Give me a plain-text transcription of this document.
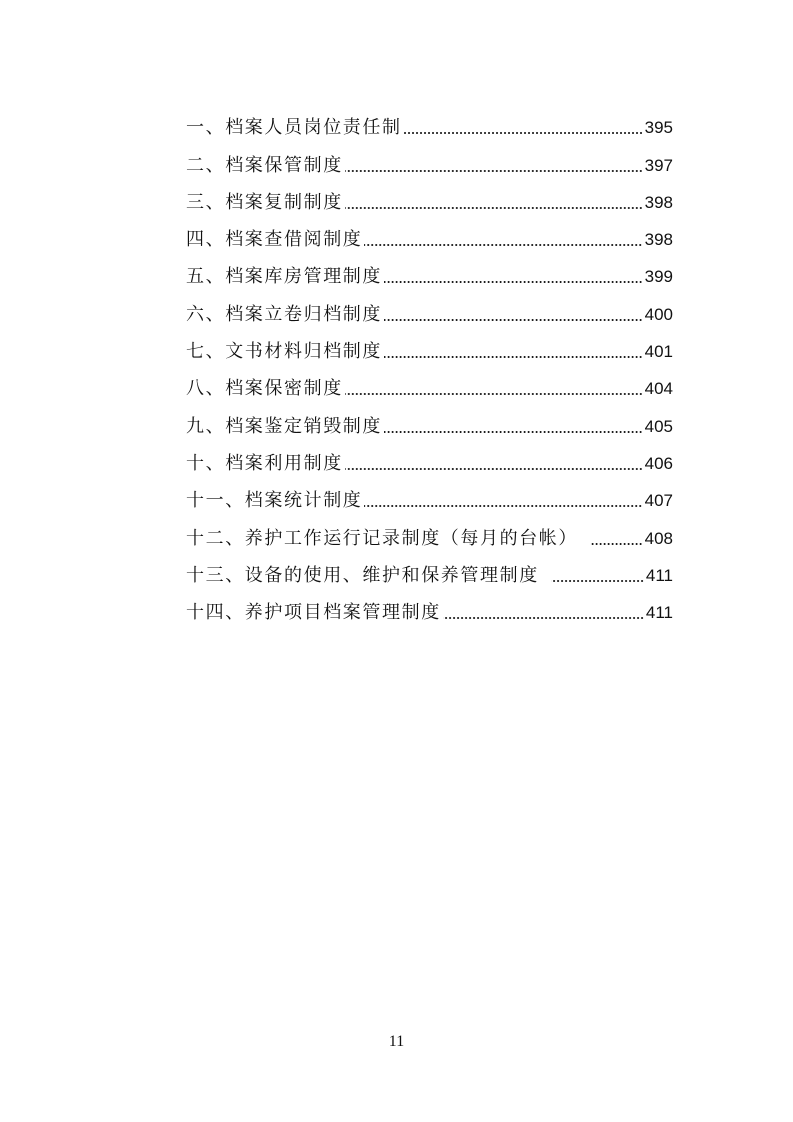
一、档案人员岗位责任制	395
二、档案保管制度	397
三、档案复制制度	398
四、档案查借阅制度	398
五、档案库房管理制度	399
六、档案立卷归档制度	400
七、文书材料归档制度	401
八、档案保密制度	404
九、档案鉴定销毁制度	405
十、档案利用制度	406
十一、档案统计制度	407
十二、养护工作运行记录制度（每月的台帐）	408
十三、设备的使用、维护和保养管理制度	411
十四、养护项目档案管理制度	411
11
